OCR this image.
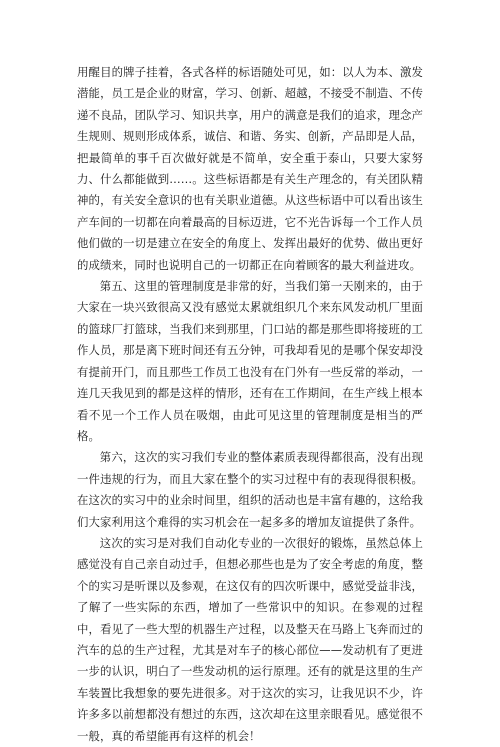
用醒目的牌子挂着，各式各样的标语随处可见，如：以人为本、激发潜能，员工是企业的财富，学习、创新、超越，不接受不制造、不传递不良品，团队学习、知识共享，用户的满意是我们的追求，理念产生规则、规则形成体系，诚信、和谐、务实、创新，产品即是人品，把最简单的事千百次做好就是不简单，安全重于泰山，只要大家努力、什么都能做到……。这些标语都是有关生产理念的，有关团队精神的，有关安全意识的也有关职业道德。从这些标语中可以看出该生产车间的一切都在向着最高的目标迈进，它不光告诉每一个工作人员他们做的一切是建立在安全的角度上、发挥出最好的优势、做出更好的成绩来，同时也说明自己的一切都正在向着顾客的最大利益进攻。

第五、这里的管理制度是非常的好，当我们第一天刚来的，由于大家在一块兴致很高又没有感觉太累就组织几个来东风发动机厂里面的篮球厂打篮球，当我们来到那里，门口站的都是那些即将接班的工作人员，那是离下班时间还有五分钟，可我却看见的是哪个保安却没有提前开门，而且那些工作员工也没有在门外有一些反常的举动，一连几天我见到的都是这样的情形，还有在工作期间，在生产线上根本看不见一个工作人员在吸烟，由此可见这里的管理制度是相当的严格。

第六，这次的实习我们专业的整体素质表现得都很高，没有出现一件违规的行为，而且大家在整个的实习过程中有的表现得很积极。在这次的实习中的业余时间里，组织的活动也是丰富有趣的，这给我们大家利用这个难得的实习机会在一起多多的增加友谊提供了条件。

这次的实习是对我们自动化专业的一次很好的锻炼，虽然总体上感觉没有自己亲自动过手，但想必那些也是为了安全考虑的角度，整个的实习是听课以及参观，在这仅有的四次听课中，感觉受益非浅，了解了一些实际的东西，增加了一些常识中的知识。在参观的过程中，看见了一些大型的机器生产过程，以及整天在马路上飞奔而过的汽车的总的生产过程，尤其是对车子的核心部位——发动机有了更进一步的认识，明白了一些发动机的运行原理。还有的就是这里的生产车装置比我想象的要先进很多。对于这次的实习，让我见识不少，许许多多以前想都没有想过的东西，这次却在这里亲眼看见。感觉很不一般，真的希望能再有这样的机会！
